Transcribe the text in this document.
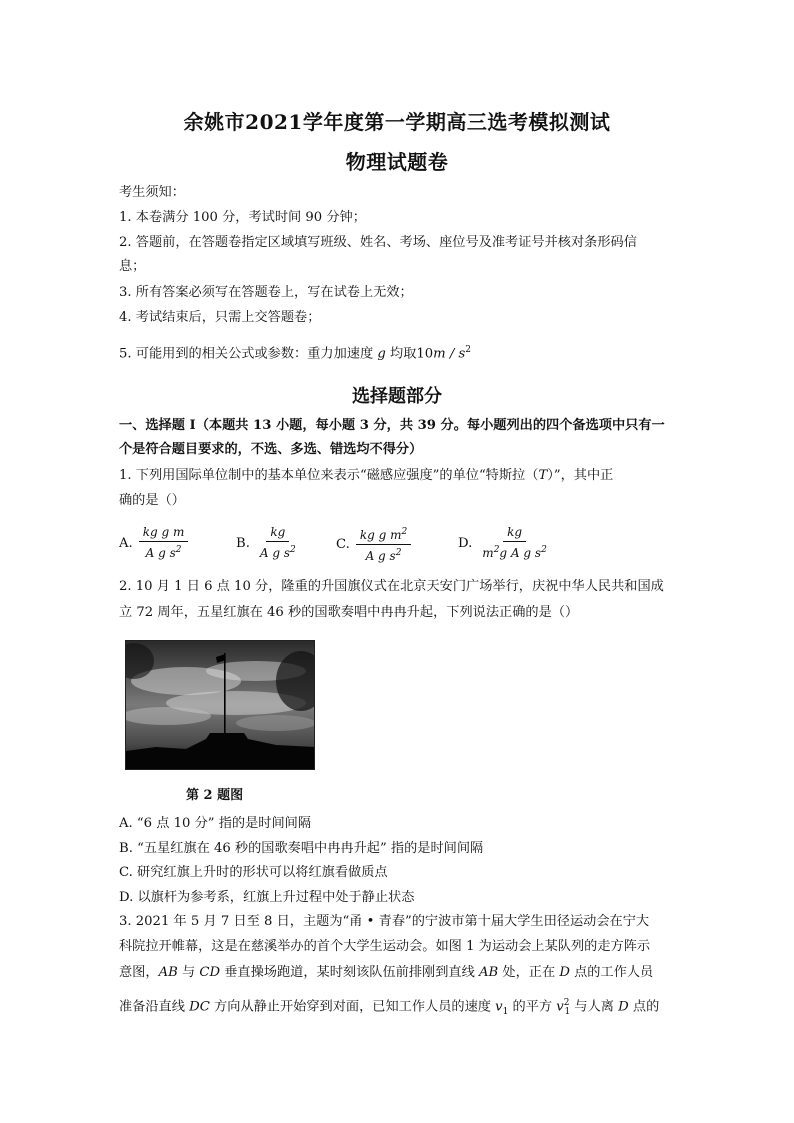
余姚市2021学年度第一学期高三选考模拟测试
物理试题卷
考生须知：
1. 本卷满分 100 分，考试时间 90 分钟；
2. 答题前，在答题卷指定区域填写班级、姓名、考场、座位号及准考证号并核对条形码信
息；
3. 所有答案必须写在答题卷上，写在试卷上无效；
4. 考试结束后，只需上交答题卷；
5. 可能用到的相关公式或参数：重力加速度 g 均取$10m / s^2$
选择题部分
一、选择题 I（本题共 13 小题，每小题 3 分，共 39 分。每小题列出的四个备选项中只有一
个是符合题目要求的，不选、多选、错选均不得分）
1. 下列用国际单位制中的基本单位来表示“磁感应强度”的单位“特斯拉（T）”，其中正
确的是（）
A. $\frac{\text{kg g m}}{A g s^2}$	B. $\frac{kg}{A g s^2}$	C. $\frac{kg g m^2}{A g s^2}$	D. $\frac{kg}{m^2g A g s^2}$
2. 10 月 1 日 6 点 10 分，隆重的升国旗仪式在北京天安门广场举行，庆祝中华人民共和国成
立 72 周年，五星红旗在 46 秒的国歌奏唱中冉冉升起，下列说法正确的是（）
第 2 题图
A. “6 点 10 分” 指的是时间间隔
B. “五星红旗在 46 秒的国歌奏唱中冉冉升起” 指的是时间间隔
C. 研究红旗上升时的形状可以将红旗看做质点
D. 以旗杆为参考系，红旗上升过程中处于静止状态
3. 2021 年 5 月 7 日至 8 日，主题为“甬 • 青春”的宁波市第十届大学生田径运动会在宁大
科院拉开帷幕，这是在慈溪举办的首个大学生运动会。如图 1 为运动会上某队列的走方阵示
意图，AB 与 CD 垂直操场跑道，某时刻该队伍前排刚到直线 AB 处，正在 D 点的工作人员
准备沿直线 DC 方向从静止开始穿到对面，已知工作人员的速度 $v_1$ 的平方 $v^2_1$ 与人离 D 点的
